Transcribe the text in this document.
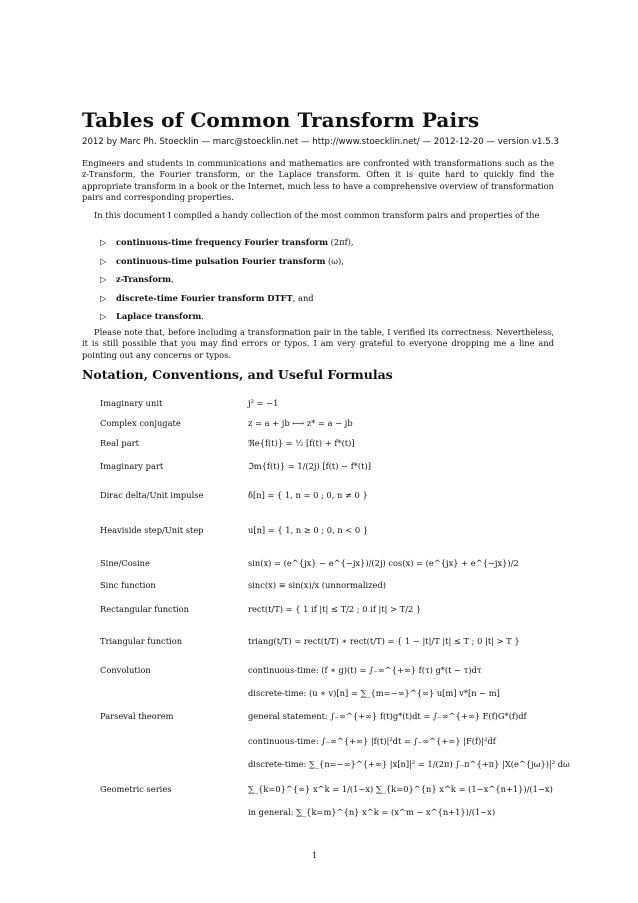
Tables of Common Transform Pairs
2012 by Marc Ph. Stoecklin — marc@stoecklin.net — http://www.stoecklin.net/ — 2012-12-20 — version v1.5.3
Engineers and students in communications and mathematics are confronted with transformations such as the z-Transform, the Fourier transform, or the Laplace transform. Often it is quite hard to quickly find the appropriate transform in a book or the Internet, much less to have a comprehensive overview of transformation pairs and corresponding properties.
In this document I compiled a handy collection of the most common transform pairs and properties of the
▷ continuous-time frequency Fourier transform (2πf),
▷ continuous-time pulsation Fourier transform (ω),
▷ z-Transform,
▷ discrete-time Fourier transform DTFT, and
▷ Laplace transform.
Please note that, before including a transformation pair in the table, I verified its correctness. Nevertheless, it is still possible that you may find errors or typos. I am very grateful to everyone dropping me a line and pointing out any concerns or typos.
Notation, Conventions, and Useful Formulas
Imaginary unit	j² = −1
Complex conjugate	z = a + jb ⟷ z* = a − jb
Real part	ℜe{f(t)} = ½ [f(t) + f*(t)]
Imaginary part	ℑm{f(t)} = 1/(2j) [f(t) − f*(t)]
Dirac delta/Unit impulse	δ[n] = { 1, n = 0 ; 0, n ≠ 0 }
Heaviside step/Unit step	u[n] = { 1, n ≥ 0 ; 0, n < 0 }
Sine/Cosine	sin(x) = (e^{jx} − e^{−jx})/(2j) cos(x) = (e^{jx} + e^{−jx})/2
Sinc function	sinc(x) ≡ sin(x)/x (unnormalized)
Rectangular function	rect(t/T) = { 1 if |t| ≤ T/2 ; 0 if |t| > T/2 }
Triangular function	triang(t/T) = rect(t/T) ∗ rect(t/T) = { 1 − |t|/T |t| ≤ T ; 0 |t| > T }
Convolution	continuous-time: (f ∗ g)(t) = ∫₋∞^{+∞} f(τ) g*(t − τ)dτ
discrete-time: (u ∗ v)[n] = ∑_{m=−∞}^{∞} u[m] v*[n − m]
Parseval theorem	general statement: ∫₋∞^{+∞} f(t)g*(t)dt = ∫₋∞^{+∞} F(f)G*(f)df
continuous-time: ∫₋∞^{+∞} |f(t)|²dt = ∫₋∞^{+∞} |F(f)|²df
discrete-time: ∑_{n=−∞}^{+∞} |x[n]|² = 1/(2π) ∫₋π^{+π} |X(e^{jω})|² dω
Geometric series	∑_{k=0}^{∞} x^k = 1/(1−x) ∑_{k=0}^{n} x^k = (1−x^{n+1})/(1−x)
in general: ∑_{k=m}^{n} x^k = (x^m − x^{n+1})/(1−x)
1
